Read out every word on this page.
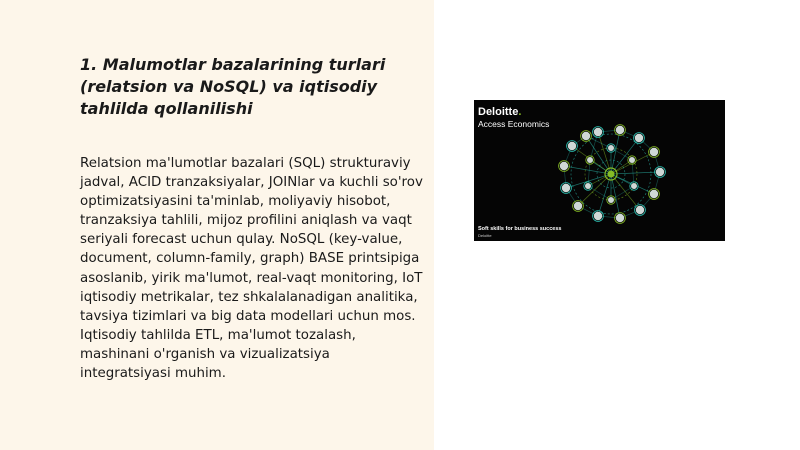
1. Malumotlar bazalarining turlari (relatsion va NoSQL) va iqtisodiy tahlilda qollanilishi

Relatsion ma'lumotlar bazalari (SQL) strukturaviy jadval, ACID tranzaksiyalar, JOINlar va kuchli so'rov optimizatsiyasini ta'minlab, moliyaviy hisobot, tranzaksiya tahlili, mijoz profilini aniqlash va vaqt seriyali forecast uchun qulay. NoSQL (key-value, document, column-family, graph) BASE printsipiga asoslanib, yirik ma'lumot, real-vaqt monitoring, IoT iqtisodiy metrikalar, tez shkalalanadigan analitika, tavsiya tizimlari va big data modellari uchun mos. Iqtisodiy tahlilda ETL, ma'lumot tozalash, mashinani o'rganish va vizualizatsiya integratsiyasi muhim.

Deloitte.
Access Economics
Soft skills for business success
Deloitte
